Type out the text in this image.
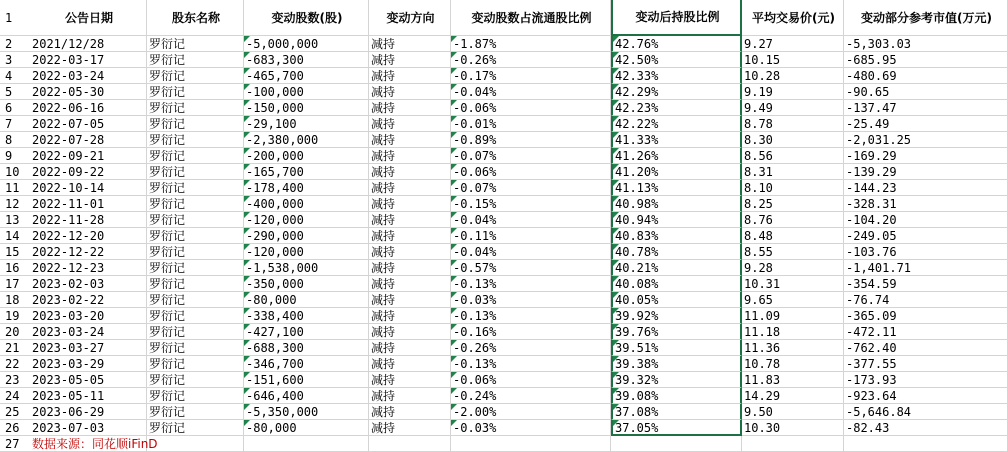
1	公告日期	股东名称	变动股数(股)	变动方向	变动股数占流通股比例	变动后持股比例	平均交易价(元)	变动部分参考市值(万元)
2	2021/12/28	罗衍记	-5,000,000	减持	-1.87%	42.76%	9.27	-5,303.03
3	2022-03-17	罗衍记	-683,300	减持	-0.26%	42.50%	10.15	-685.95
4	2022-03-24	罗衍记	-465,700	减持	-0.17%	42.33%	10.28	-480.69
5	2022-05-30	罗衍记	-100,000	减持	-0.04%	42.29%	9.19	-90.65
6	2022-06-16	罗衍记	-150,000	减持	-0.06%	42.23%	9.49	-137.47
7	2022-07-05	罗衍记	-29,100	减持	-0.01%	42.22%	8.78	-25.49
8	2022-07-28	罗衍记	-2,380,000	减持	-0.89%	41.33%	8.30	-2,031.25
9	2022-09-21	罗衍记	-200,000	减持	-0.07%	41.26%	8.56	-169.29
10	2022-09-22	罗衍记	-165,700	减持	-0.06%	41.20%	8.31	-139.29
11	2022-10-14	罗衍记	-178,400	减持	-0.07%	41.13%	8.10	-144.23
12	2022-11-01	罗衍记	-400,000	减持	-0.15%	40.98%	8.25	-328.31
13	2022-11-28	罗衍记	-120,000	减持	-0.04%	40.94%	8.76	-104.20
14	2022-12-20	罗衍记	-290,000	减持	-0.11%	40.83%	8.48	-249.05
15	2022-12-22	罗衍记	-120,000	减持	-0.04%	40.78%	8.55	-103.76
16	2022-12-23	罗衍记	-1,538,000	减持	-0.57%	40.21%	9.28	-1,401.71
17	2023-02-03	罗衍记	-350,000	减持	-0.13%	40.08%	10.31	-354.59
18	2023-02-22	罗衍记	-80,000	减持	-0.03%	40.05%	9.65	-76.74
19	2023-03-20	罗衍记	-338,400	减持	-0.13%	39.92%	11.09	-365.09
20	2023-03-24	罗衍记	-427,100	减持	-0.16%	39.76%	11.18	-472.11
21	2023-03-27	罗衍记	-688,300	减持	-0.26%	39.51%	11.36	-762.40
22	2023-03-29	罗衍记	-346,700	减持	-0.13%	39.38%	10.78	-377.55
23	2023-05-05	罗衍记	-151,600	减持	-0.06%	39.32%	11.83	-173.93
24	2023-05-11	罗衍记	-646,400	减持	-0.24%	39.08%	14.29	-923.64
25	2023-06-29	罗衍记	-5,350,000	减持	-2.00%	37.08%	9.50	-5,646.84
26	2023-07-03	罗衍记	-80,000	减持	-0.03%	37.05%	10.30	-82.43
27	数据来源：同花顺iFinD
